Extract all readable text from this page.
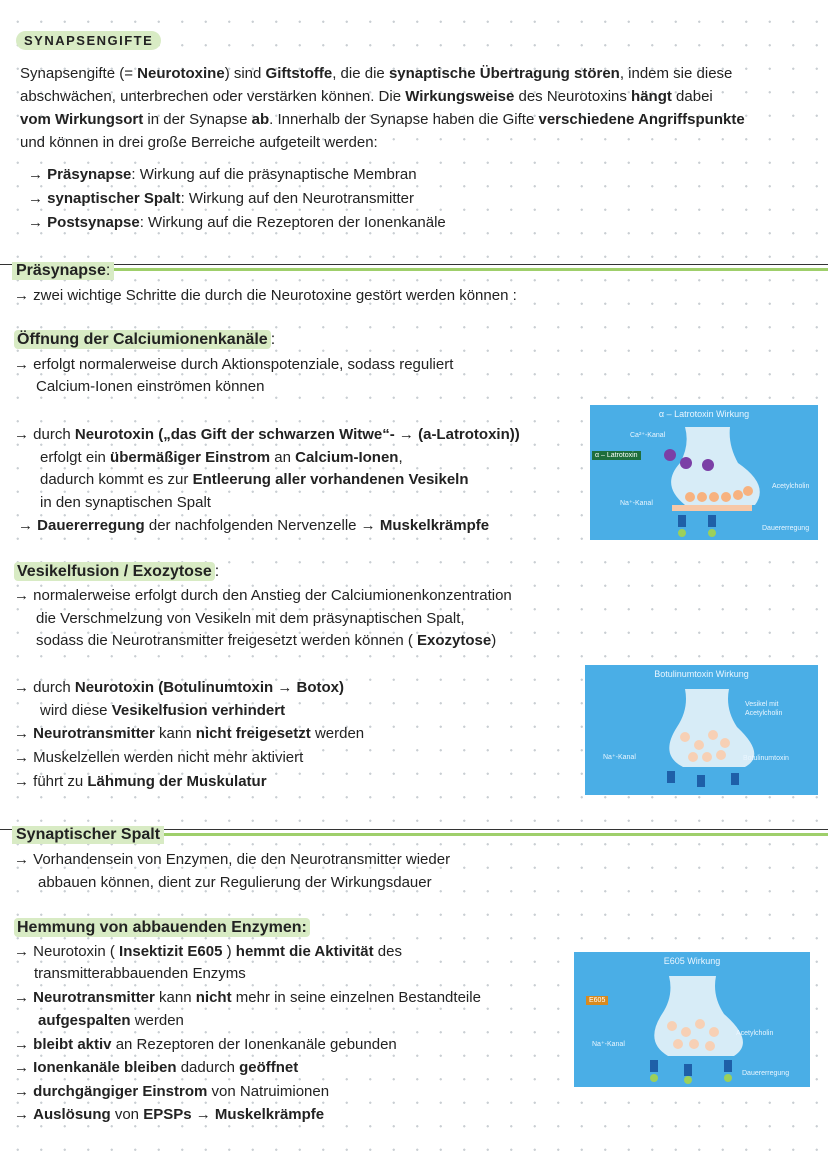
SYNAPSENGIFTE
Synapsengifte (= Neurotoxine) sind Giftstoffe, die die synaptische Übertragung stören, indem sie diese
abschwächen, unterbrechen oder verstärken können. Die Wirkungsweise des Neurotoxins hängt dabei
vom Wirkungsort in der Synapse ab. Innerhalb der Synapse haben die Gifte verschiedene Angriffspunkte
und können in drei große Berreiche aufgeteilt werden:
→ Präsynapse: Wirkung auf die präsynaptische Membran
→ synaptischer Spalt: Wirkung auf den Neurotransmitter
→ Postsynapse: Wirkung auf die Rezeptoren der Ionenkanäle
Präsynapse:
→ zwei wichtige Schritte die durch die Neurotoxine gestört werden können :
Öffnung der Calciumionenkanäle :
→ erfolgt normalerweise durch Aktionspotenziale, sodass reguliert
Calcium-Ionen einströmen können
→ durch Neurotoxin („das Gift der schwarzen Witwe“- → (a-Latrotoxin))
erfolgt ein übermäßiger Einstrom an Calcium-Ionen,
dadurch kommt es zur Entleerung aller vorhandenen Vesikeln
in den synaptischen Spalt
→ Dauererregung der nachfolgenden Nervenzelle → Muskelkrämpfe
α – Latrotoxin Wirkung
Ca²⁺-Kanal
α – Latrotoxin
Na⁺-Kanal
Acetylcholin
Dauererregung
Vesikelfusion / Exozytose :
→ normalerweise erfolgt durch den Anstieg der Calciumionenkonzentration
die Verschmelzung von Vesikeln mit dem präsynaptischen Spalt,
sodass die Neurotransmitter freigesetzt werden können ( Exozytose)
→ durch Neurotoxin (Botulinumtoxin → Botox)
wird diese Vesikelfusion verhindert
→ Neurotransmitter kann nicht freigesetzt werden
→ Muskelzellen werden nicht mehr aktiviert
→ führt zu Lähmung der Muskulatur
Botulinumtoxin Wirkung
Vesikel mit
Acetylcholin
Na⁺-Kanal	Botulinumtoxin
Synaptischer Spalt
→ Vorhandensein von Enzymen, die den Neurotransmitter wieder
abbauen können, dient zur Regulierung der Wirkungsdauer
Hemmung von abbauenden Enzymen:
→ Neurotoxin ( Insektizit E605 ) hemmt die Aktivität des
transmitterabbauenden Enzyms
→ Neurotransmitter kann nicht mehr in seine einzelnen Bestandteile
aufgespalten werden
→ bleibt aktiv an Rezeptoren der Ionenkanäle gebunden
→ Ionenkanäle bleiben dadurch geöffnet
→ durchgängiger Einstrom von Natruimionen
→ Auslösung von EPSPs → Muskelkrämpfe
E605 Wirkung
E605
Na⁺-Kanal
Acetylcholin
Dauererregung
